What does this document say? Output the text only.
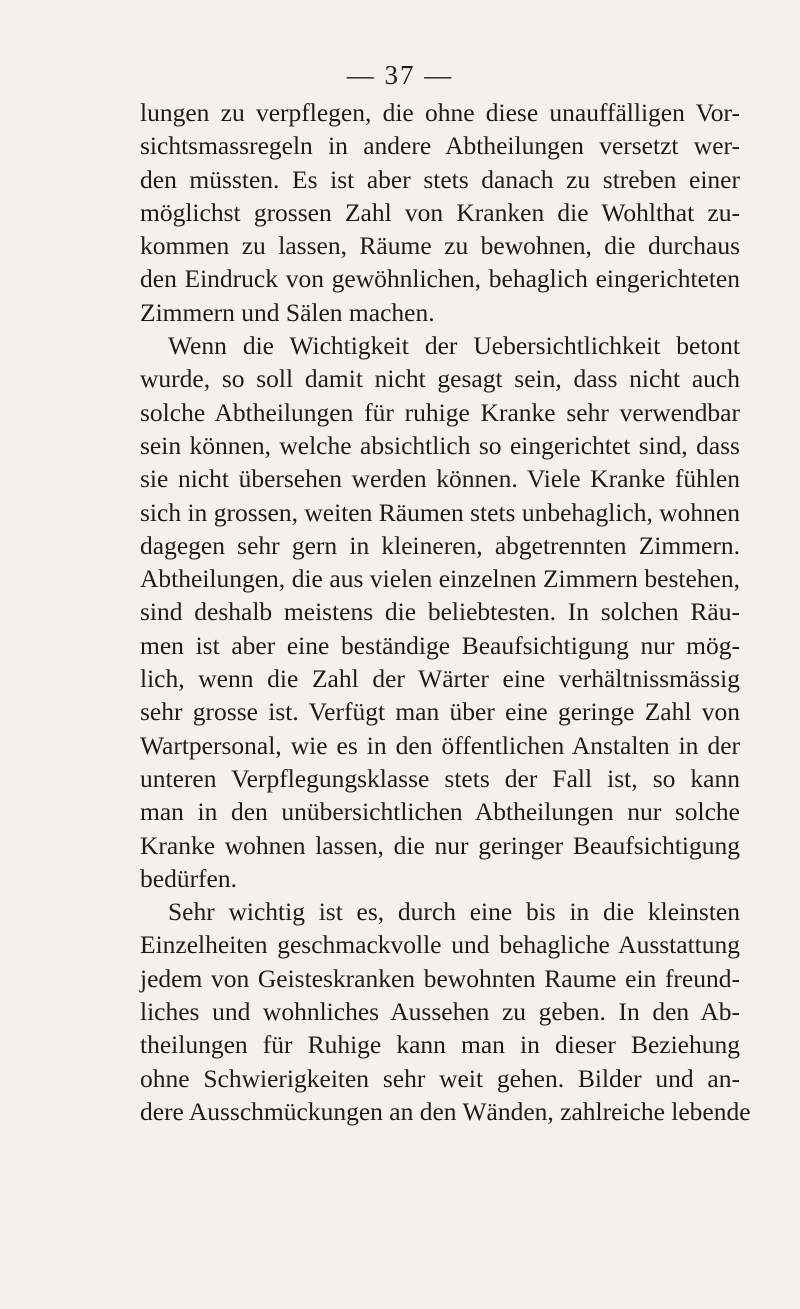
— 37 —
lungen zu verpflegen, die ohne diese unauffälligen Vor-
sichtsmassregeln in andere Abtheilungen versetzt wer-
den müssten. Es ist aber stets danach zu streben einer
möglichst grossen Zahl von Kranken die Wohlthat zu-
kommen zu lassen, Räume zu bewohnen, die durchaus
den Eindruck von gewöhnlichen, behaglich eingerichteten
Zimmern und Sälen machen.
Wenn die Wichtigkeit der Uebersichtlichkeit betont
wurde, so soll damit nicht gesagt sein, dass nicht auch
solche Abtheilungen für ruhige Kranke sehr verwendbar
sein können, welche absichtlich so eingerichtet sind, dass
sie nicht übersehen werden können. Viele Kranke fühlen
sich in grossen, weiten Räumen stets unbehaglich, wohnen
dagegen sehr gern in kleineren, abgetrennten Zimmern.
Abtheilungen, die aus vielen einzelnen Zimmern bestehen,
sind deshalb meistens die beliebtesten. In solchen Räu-
men ist aber eine beständige Beaufsichtigung nur mög-
lich, wenn die Zahl der Wärter eine verhältnissmässig
sehr grosse ist. Verfügt man über eine geringe Zahl von
Wartpersonal, wie es in den öffentlichen Anstalten in der
unteren Verpflegungsklasse stets der Fall ist, so kann
man in den unübersichtlichen Abtheilungen nur solche
Kranke wohnen lassen, die nur geringer Beaufsichtigung
bedürfen.
Sehr wichtig ist es, durch eine bis in die kleinsten
Einzelheiten geschmackvolle und behagliche Ausstattung
jedem von Geisteskranken bewohnten Raume ein freund-
liches und wohnliches Aussehen zu geben. In den Ab-
theilungen für Ruhige kann man in dieser Beziehung
ohne Schwierigkeiten sehr weit gehen. Bilder und an-
dere Ausschmückungen an den Wänden, zahlreiche lebende
